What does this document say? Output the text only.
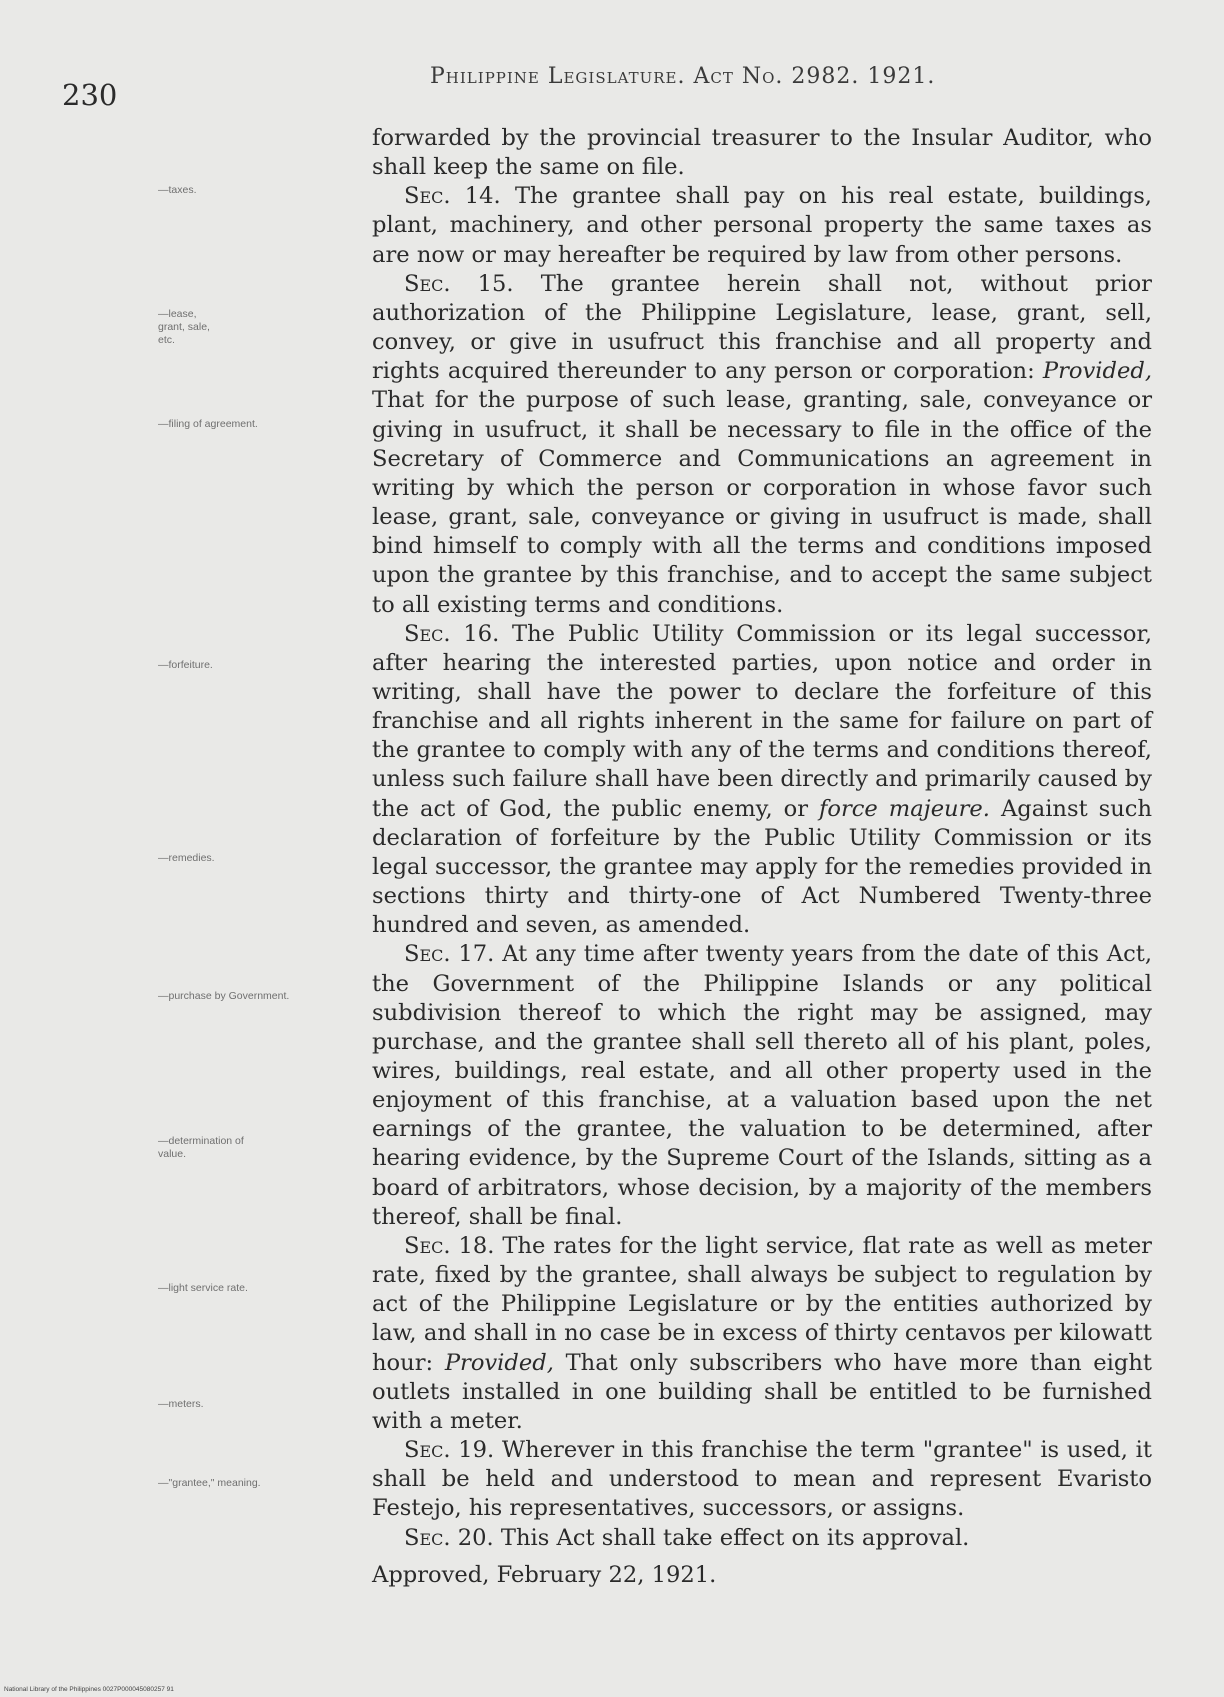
230
Philippine Legislature. Act No. 2982. 1921.
—taxes.
—lease, grant, sale, etc.
—filing of agreement.
—forfeiture.
—remedies.
—purchase by Government.
—determination of value.
—light service rate.
—meters.
—"grantee," meaning.

forwarded by the provincial treasurer to the Insular Auditor, who shall keep the same on file.

Sec. 14. The grantee shall pay on his real estate, buildings, plant, machinery, and other personal property the same taxes as are now or may hereafter be required by law from other persons.

Sec. 15. The grantee herein shall not, without prior authorization of the Philippine Legislature, lease, grant, sell, convey, or give in usufruct this franchise and all property and rights acquired thereunder to any person or corporation: Provided, That for the purpose of such lease, granting, sale, conveyance or giving in usufruct, it shall be necessary to file in the office of the Secretary of Commerce and Communications an agreement in writing by which the person or corporation in whose favor such lease, grant, sale, conveyance or giving in usufruct is made, shall bind himself to comply with all the terms and conditions imposed upon the grantee by this franchise, and to accept the same subject to all existing terms and conditions.

Sec. 16. The Public Utility Commission or its legal successor, after hearing the interested parties, upon notice and order in writing, shall have the power to declare the forfeiture of this franchise and all rights inherent in the same for failure on part of the grantee to comply with any of the terms and conditions thereof, unless such failure shall have been directly and primarily caused by the act of God, the public enemy, or force majeure. Against such declaration of forfeiture by the Public Utility Commission or its legal successor, the grantee may apply for the remedies provided in sections thirty and thirty-one of Act Numbered Twenty-three hundred and seven, as amended.

Sec. 17. At any time after twenty years from the date of this Act, the Government of the Philippine Islands or any political subdivision thereof to which the right may be assigned, may purchase, and the grantee shall sell thereto all of his plant, poles, wires, buildings, real estate, and all other property used in the enjoyment of this franchise, at a valuation based upon the net earnings of the grantee, the valuation to be determined, after hearing evidence, by the Supreme Court of the Islands, sitting as a board of arbitrators, whose decision, by a majority of the members thereof, shall be final.

Sec. 18. The rates for the light service, flat rate as well as meter rate, fixed by the grantee, shall always be subject to regulation by act of the Philippine Legislature or by the entities authorized by law, and shall in no case be in excess of thirty centavos per kilowatt hour: Provided, That only subscribers who have more than eight outlets installed in one building shall be entitled to be furnished with a meter.

Sec. 19. Wherever in this franchise the term "grantee" is used, it shall be held and understood to mean and represent Evaristo Festejo, his representatives, successors, or assigns.

Sec. 20. This Act shall take effect on its approval.

Approved, February 22, 1921.

National Library of the Philippines 0027P000045080257 91
